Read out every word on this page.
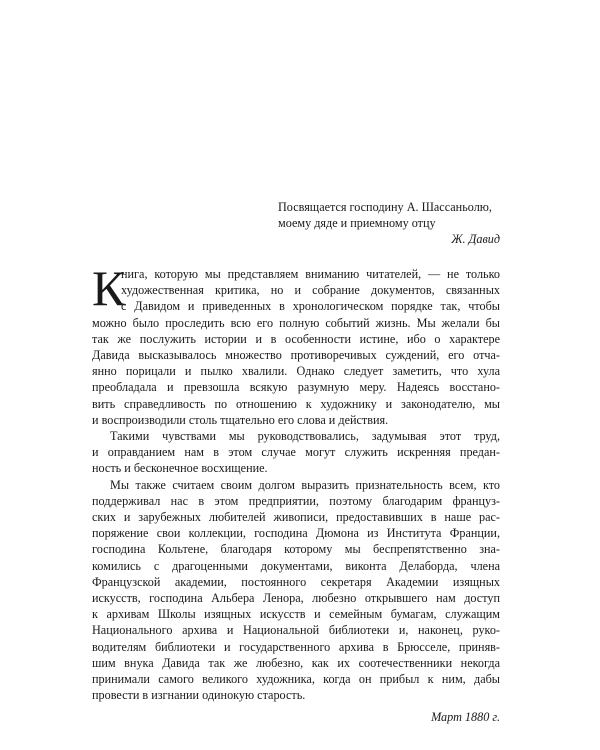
Посвящается господину А. Шассаньолю,
моему дяде и приемному отцу
Ж. Давид
К
нига, которую мы представляем вниманию читателей, — не только
художественная критика, но и собрание документов, связанных
с Давидом и приведенных в хронологическом порядке так, чтобы
можно было проследить всю его полную событий жизнь. Мы желали бы
так же послужить истории и в особенности истине, ибо о характере
Давида высказывалось множество противоречивых суждений, его отча-
янно порицали и пылко хвалили. Однако следует заметить, что хула
преобладала и превзошла всякую разумную меру. Надеясь восстано-
вить справедливость по отношению к художнику и законодателю, мы
и воспроизводили столь тщательно его слова и действия.
Такими чувствами мы руководствовались, задумывая этот труд,
и оправданием нам в этом случае могут служить искренняя предан-
ность и бесконечное восхищение.
Мы также считаем своим долгом выразить признательность всем, кто
поддерживал нас в этом предприятии, поэтому благодарим француз-
ских и зарубежных любителей живописи, предоставивших в наше рас-
поряжение свои коллекции, господина Дюмона из Института Франции,
господина Кольтене, благодаря которому мы беспрепятственно зна-
комились с драгоценными документами, виконта Делаборда, члена
Французской академии, постоянного секретаря Академии изящных
искусств, господина Альбера Ленора, любезно открывшего нам доступ
к архивам Школы изящных искусств и семейным бумагам, служащим
Национального архива и Национальной библиотеки и, наконец, руко-
водителям библиотеки и государственного архива в Брюсселе, приняв-
шим внука Давида так же любезно, как их соотечественники некогда
принимали самого великого художника, когда он прибыл к ним, дабы
провести в изгнании одинокую старость.
Март 1880 г.
